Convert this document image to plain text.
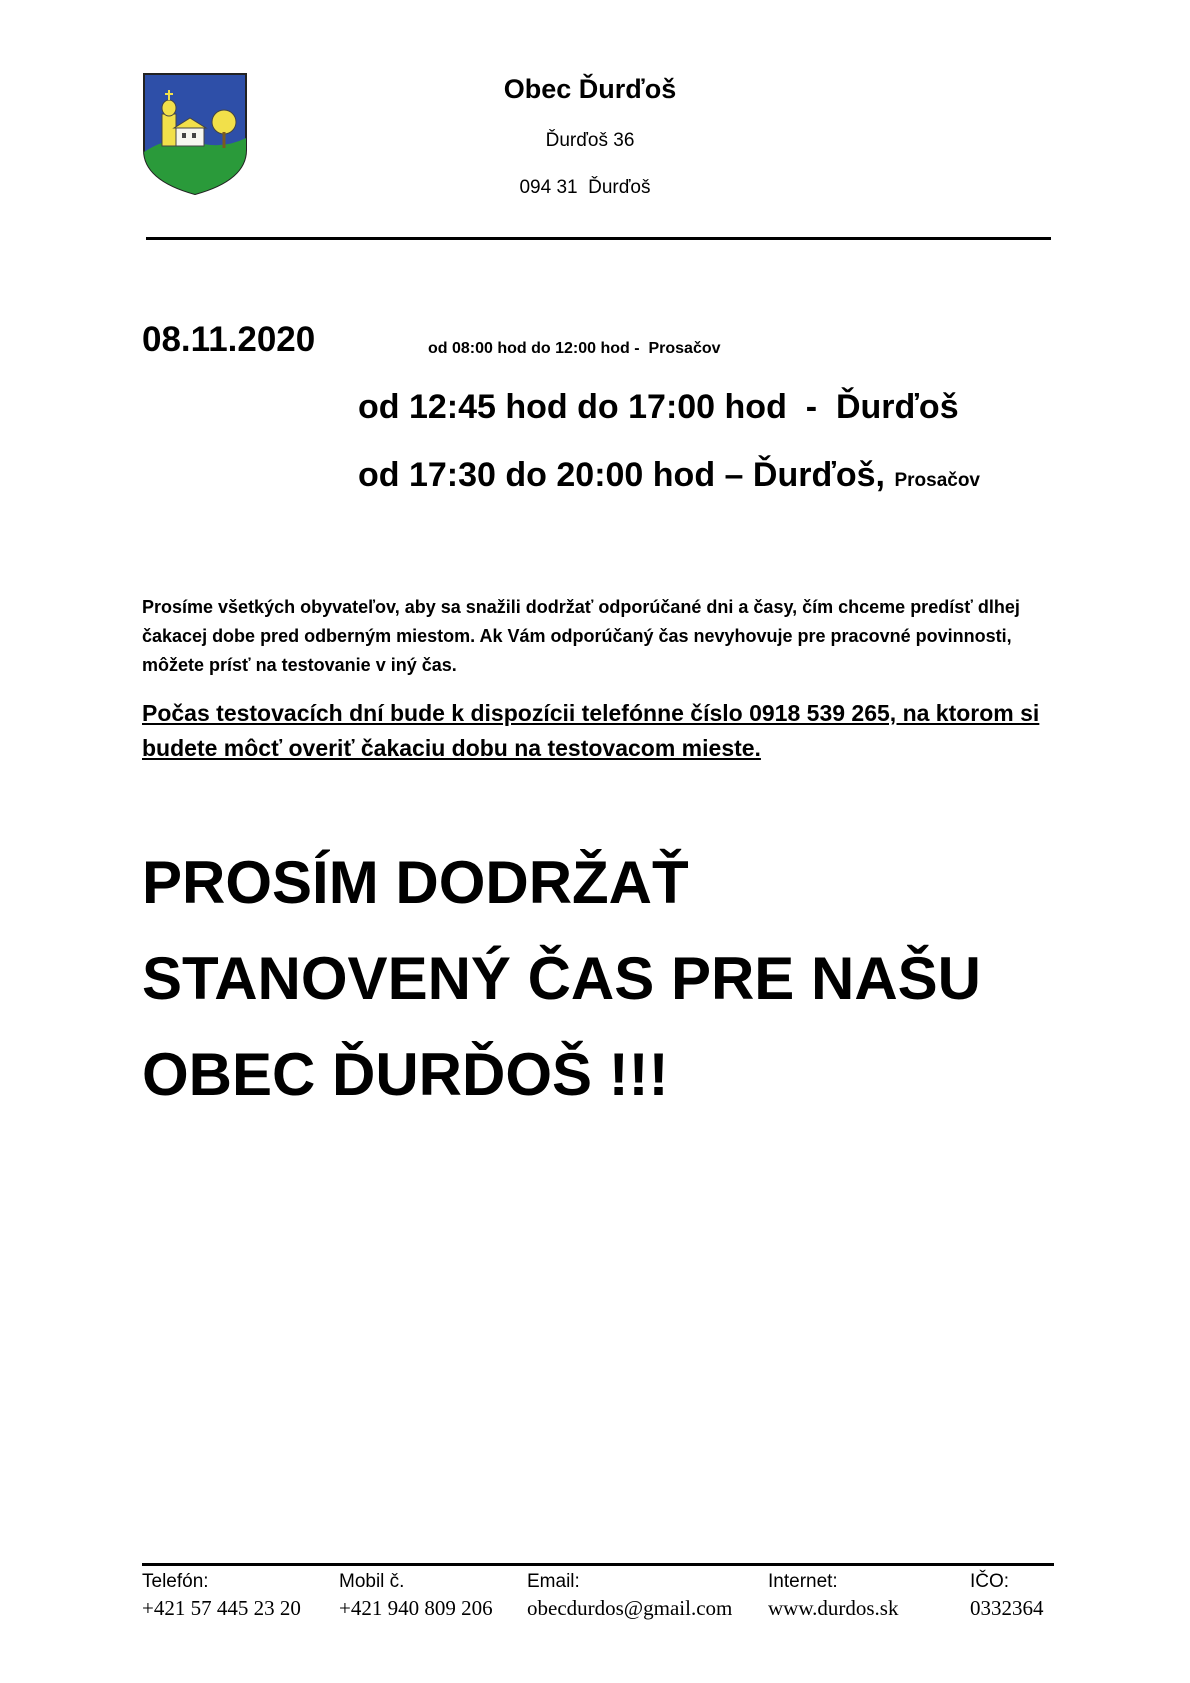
Obec Ďurďoš
Ďurďoš 36
094 31  Ďurďoš
08.11.2020	od 08:00 hod do 12:00 hod -  Prosačov
od 12:45 hod do 17:00 hod  -  Ďurďoš
od 17:30 do 20:00 hod – Ďurďoš, Prosačov
Prosíme všetkých obyvateľov, aby sa snažili dodržať odporúčané dni a časy, čím chceme predísť dlhej čakacej dobe pred odberným miestom. Ak Vám odporúčaný čas nevyhovuje pre pracovné povinnosti, môžete prísť na testovanie v iný čas.
Počas testovacích dní bude k dispozícii telefónne číslo 0918 539 265, na ktorom si budete môcť overiť čakaciu dobu na testovacom mieste.
PROSÍM DODRŽAŤ
STANOVENÝ ČAS PRE NAŠU
OBEC ĎURĎOŠ !!!
Telefón:
+421 57 445 23 20
Mobil č.
+421 940 809 206
Email:
obecdurdos@gmail.com
Internet:
www.durdos.sk
IČO:
0332364
